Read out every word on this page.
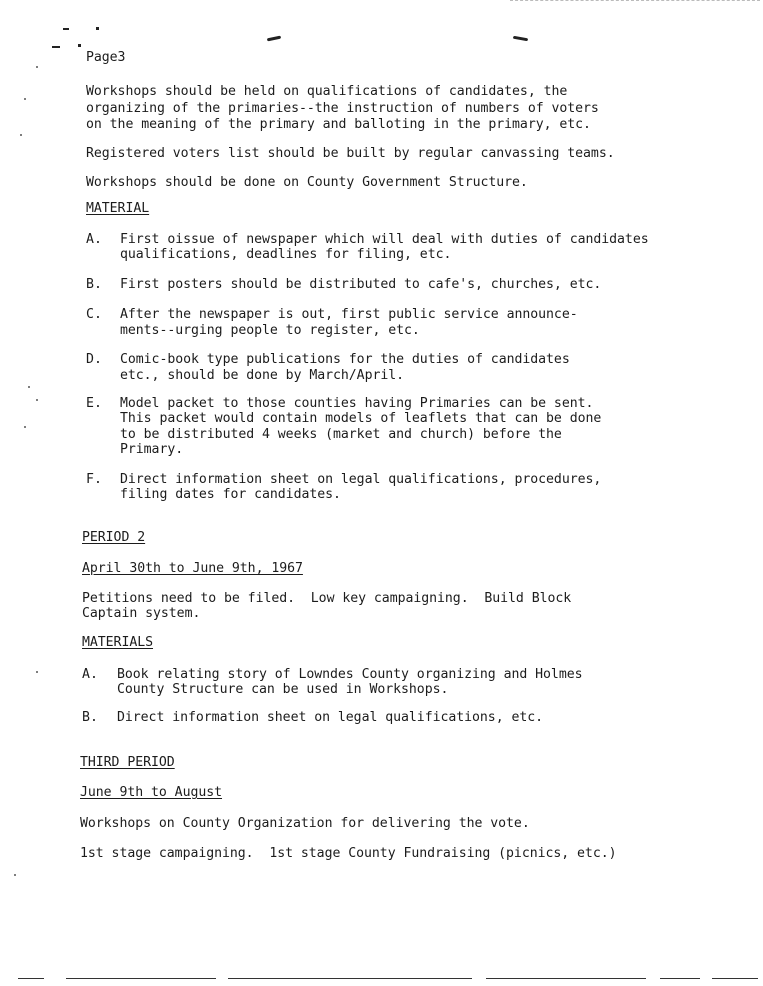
Page3

Workshops should be held on qualifications of candidates, the

organizing of the primaries--the instruction of numbers of voters

on the meaning of the primary and balloting in the primary, etc.

Registered voters list should be built by regular canvassing teams.

Workshops should be done on County Government Structure.

MATERIAL

A. First oissue of newspaper which will deal with duties of candidates

qualifications, deadlines for filing, etc.

B. First posters should be distributed to cafe's, churches, etc.

C. After the newspaper is out, first public service announce-

ments--urging people to register, etc.

D. Comic-book type publications for the duties of candidates

etc., should be done by March/April.

E. Model packet to those counties having Primaries can be sent.

This packet would contain models of leaflets that can be done

to be distributed 4 weeks (market and church) before the

Primary.

F. Direct information sheet on legal qualifications, procedures,

filing dates for candidates.

PERIOD 2

April 30th to June 9th, 1967

Petitions need to be filed.  Low key campaigning.  Build Block

Captain system.

MATERIALS

A. Book relating story of Lowndes County organizing and Holmes

County Structure can be used in Workshops.

B. Direct information sheet on legal qualifications, etc.

THIRD PERIOD

June 9th to August

Workshops on County Organization for delivering the vote.

1st stage campaigning.  1st stage County Fundraising (picnics, etc.)
